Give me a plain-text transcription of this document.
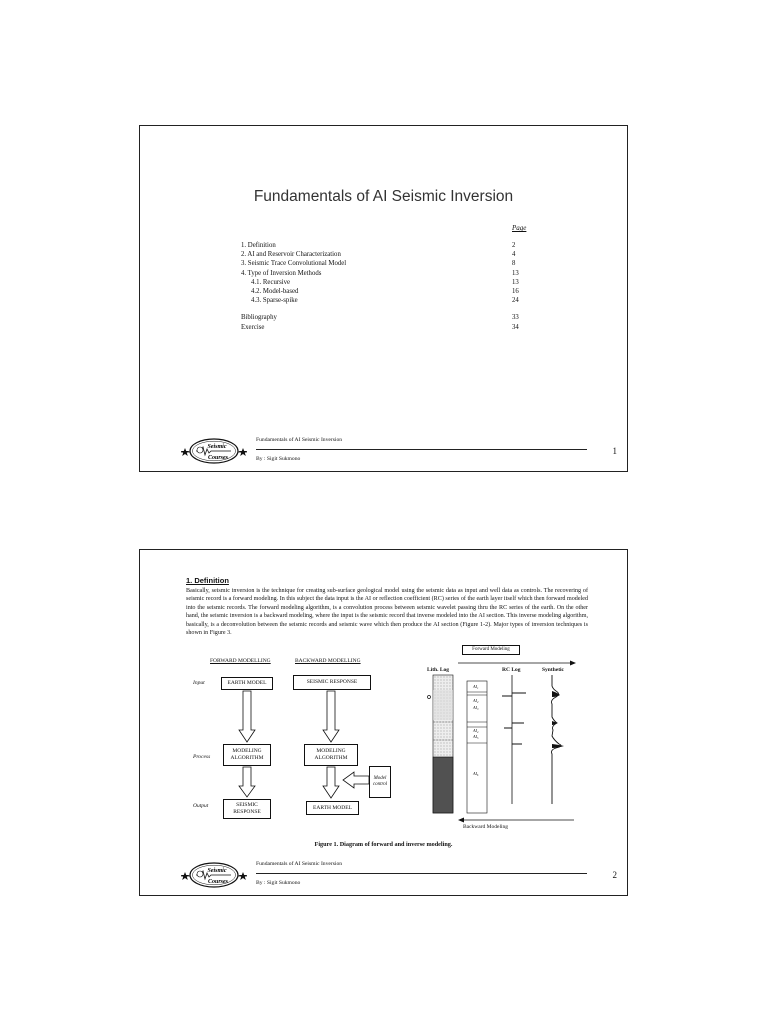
Fundamentals of AI Seismic Inversion
Page
1. Definition	2
2. AI and Reservoir Characterization	4
3. Seismic Trace Convolutional Model	8
4. Type of Inversion Methods	13
4.1. Recursive	13
4.2. Model-based	16
4.3. Sparse-spike	24
Bibliography	33
Exercise	34
Seismic
Courses
Fundamentals of AI Seismic Inversion
By : Sigit Sukmono
1
1. Definition
Basically, seismic inversion is the technique for creating sub-surface geological model using the seismic data as input and well data as controls. The recovering of seismic record is a forward modeling. In this subject the data input is the AI or reflection coefficient (RC) series of the earth layer itself which then forward modeled into the seismic records. The forward modeling algorithm, is a convolution process between seismic wavelet passing thru the RC series of the earth. On the other hand, the seismic inversion is a backward modeling, where the input is the seismic record that inverse modeled into the AI section. This inverse modeling algorithm, basically, is a deconvolution between the seismic records and seismic wave which then produce the AI section (Figure 1-2). Major types of inversion techniques is shown in Figure 3.
FORWARD MODELLING	BACKWARD MODELLING
Input
Process
Output
EARTH MODEL
MODELING ALGORITHM
SEISMIC RESPONSE
SEISMIC RESPONSE
MODELING ALGORITHM
EARTH MODEL
Model control
Forward Modeling
Lith. Log	RC Log	Synthetic
Backward Modeling
AI₁
AI₂
AI₃
AI₄
AI₅
AI₆
Figure 1. Diagram of forward and inverse modeling.
Seismic
Courses
Fundamentals of AI Seismic Inversion
By : Sigit Sukmono
2
